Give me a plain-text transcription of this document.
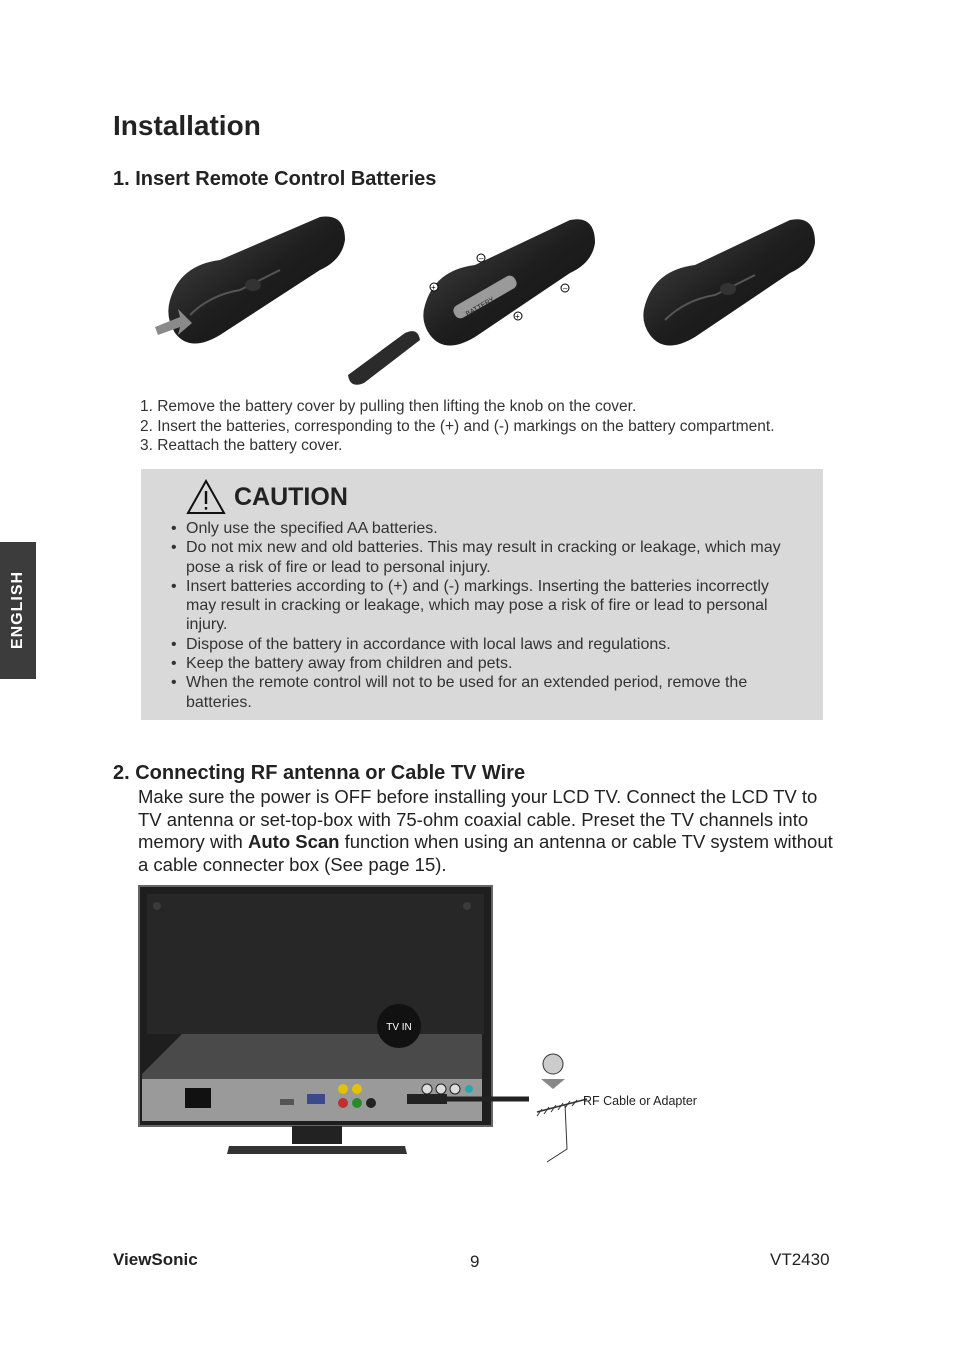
Installation
1. Insert Remote Control Batteries
BATTERY
+
–
–
+
1. Remove the battery cover by pulling then lifting the knob on the cover.
2. Insert the batteries, corresponding to the (+) and (-) markings on the battery compartment.
3. Reattach the battery cover.
CAUTION
• Only use the specified AA batteries.
• Do not mix new and old batteries. This may result in cracking or leakage, which may pose a risk of fire or lead to personal injury.
• Insert batteries according to (+) and (-) markings. Inserting the batteries incorrectly may result in cracking or leakage, which may pose a risk of fire or lead to personal injury.
• Dispose of the battery in accordance with local laws and regulations.
• Keep the battery away from children and pets.
• When the remote control will not to be used for an extended period, remove the batteries.
2. Connecting RF antenna or Cable TV Wire

Make sure the power is OFF before installing your LCD TV. Connect the LCD TV to TV antenna or set-top-box with 75-ohm coaxial cable. Preset the TV channels into memory with Auto Scan function when using an antenna or cable TV system without a cable connecter box (See page 15).

TV IN
RF Cable or Adapter
ENGLISH
ViewSonic	9	VT2430
